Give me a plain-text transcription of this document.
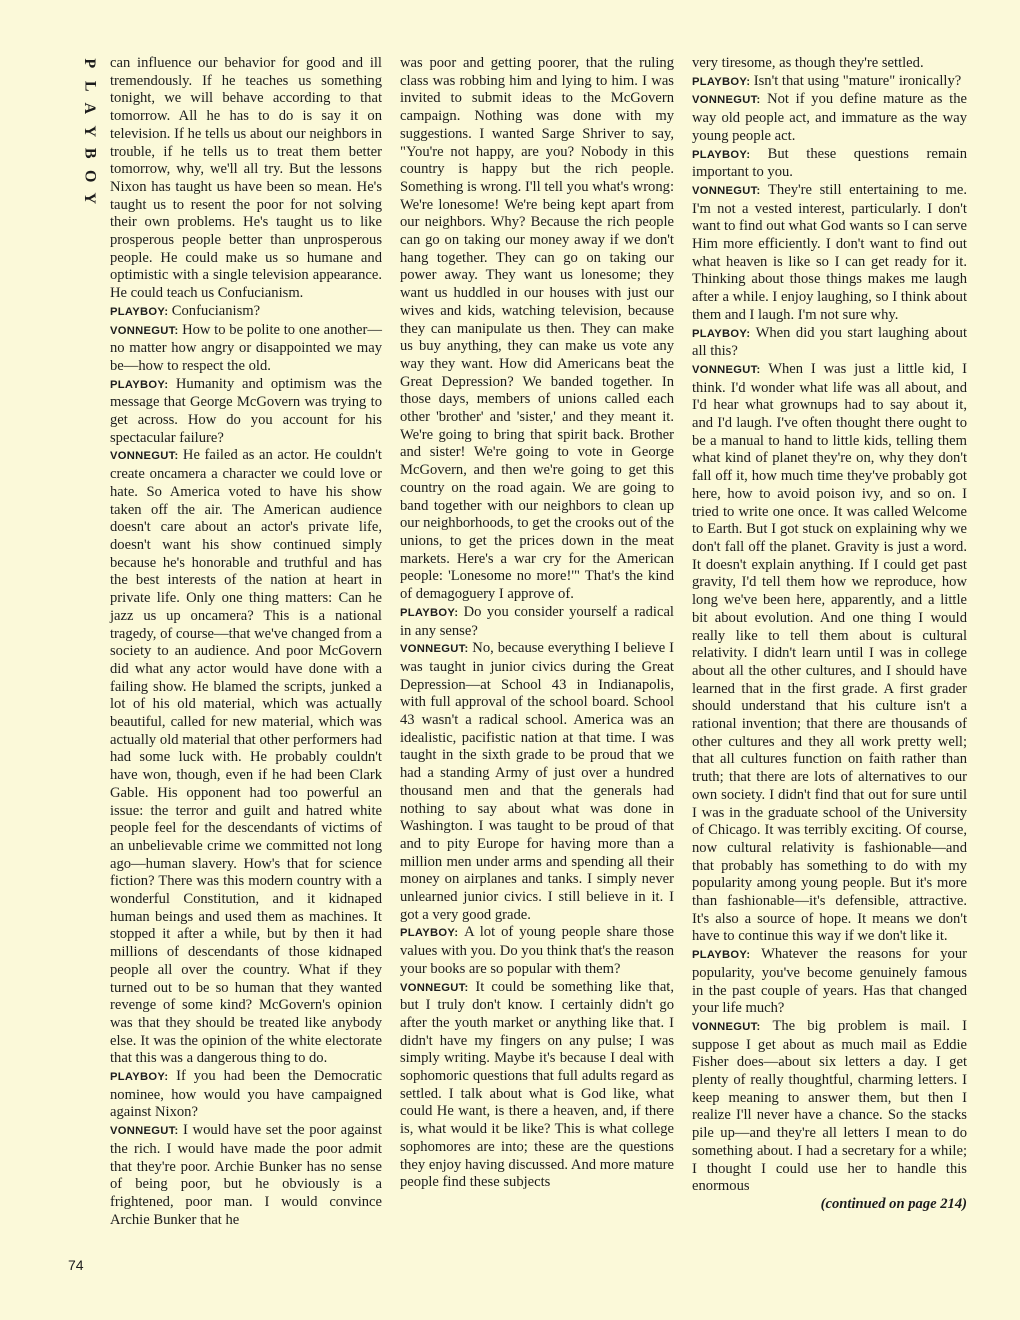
P
L
A
Y
B
O
Y

can influence our behavior for good and ill tremendously. If he teaches us something tonight, we will behave according to that tomorrow. All he has to do is say it on television. If he tells us about our neighbors in trouble, if he tells us to treat them better tomorrow, why, we'll all try. But the lessons Nixon has taught us have been so mean. He's taught us to resent the poor for not solving their own problems. He's taught us to like prosperous people better than unprosperous people. He could make us so humane and optimistic with a single television appearance. He could teach us Confucianism.

PLAYBOY: Confucianism?

VONNEGUT: How to be polite to one another—no matter how angry or disappointed we may be—how to respect the old.

PLAYBOY: Humanity and optimism was the message that George McGovern was trying to get across. How do you account for his spectacular failure?

VONNEGUT: He failed as an actor. He couldn't create oncamera a character we could love or hate. So America voted to have his show taken off the air. The American audience doesn't care about an actor's private life, doesn't want his show continued simply because he's honorable and truthful and has the best interests of the nation at heart in private life. Only one thing matters: Can he jazz us up oncamera? This is a national tragedy, of course—that we've changed from a society to an audience. And poor McGovern did what any actor would have done with a failing show. He blamed the scripts, junked a lot of his old material, which was actually beautiful, called for new material, which was actually old material that other performers had had some luck with. He probably couldn't have won, though, even if he had been Clark Gable. His opponent had too powerful an issue: the terror and guilt and hatred white people feel for the descendants of victims of an unbelievable crime we committed not long ago—human slavery. How's that for science fiction? There was this modern country with a wonderful Constitution, and it kidnaped human beings and used them as machines. It stopped it after a while, but by then it had millions of descendants of those kidnaped people all over the country. What if they turned out to be so human that they wanted revenge of some kind? McGovern's opinion was that they should be treated like anybody else. It was the opinion of the white electorate that this was a dangerous thing to do.

PLAYBOY: If you had been the Democratic nominee, how would you have campaigned against Nixon?

VONNEGUT: I would have set the poor against the rich. I would have made the poor admit that they're poor. Archie Bunker has no sense of being poor, but he obviously is a frightened, poor man. I would convince Archie Bunker that he

was poor and getting poorer, that the ruling class was robbing him and lying to him. I was invited to submit ideas to the McGovern campaign. Nothing was done with my suggestions. I wanted Sarge Shriver to say, "You're not happy, are you? Nobody in this country is happy but the rich people. Something is wrong. I'll tell you what's wrong: We're lonesome! We're being kept apart from our neighbors. Why? Because the rich people can go on taking our money away if we don't hang together. They can go on taking our power away. They want us lonesome; they want us huddled in our houses with just our wives and kids, watching television, because they can manipulate us then. They can make us buy anything, they can make us vote any way they want. How did Americans beat the Great Depression? We banded together. In those days, members of unions called each other 'brother' and 'sister,' and they meant it. We're going to bring that spirit back. Brother and sister! We're going to vote in George McGovern, and then we're going to get this country on the road again. We are going to band together with our neighbors to clean up our neighborhoods, to get the crooks out of the unions, to get the prices down in the meat markets. Here's a war cry for the American people: 'Lonesome no more!'" That's the kind of demagoguery I approve of.

PLAYBOY: Do you consider yourself a radical in any sense?

VONNEGUT: No, because everything I believe I was taught in junior civics during the Great Depression—at School 43 in Indianapolis, with full approval of the school board. School 43 wasn't a radical school. America was an idealistic, pacifistic nation at that time. I was taught in the sixth grade to be proud that we had a standing Army of just over a hundred thousand men and that the generals had nothing to say about what was done in Washington. I was taught to be proud of that and to pity Europe for having more than a million men under arms and spending all their money on airplanes and tanks. I simply never unlearned junior civics. I still believe in it. I got a very good grade.

PLAYBOY: A lot of young people share those values with you. Do you think that's the reason your books are so popular with them?

VONNEGUT: It could be something like that, but I truly don't know. I certainly didn't go after the youth market or anything like that. I didn't have my fingers on any pulse; I was simply writing. Maybe it's because I deal with sophomoric questions that full adults regard as settled. I talk about what is God like, what could He want, is there a heaven, and, if there is, what would it be like? This is what college sophomores are into; these are the questions they enjoy having discussed. And more mature people find these subjects

very tiresome, as though they're settled.

PLAYBOY: Isn't that using "mature" ironically?

VONNEGUT: Not if you define mature as the way old people act, and immature as the way young people act.

PLAYBOY: But these questions remain important to you.

VONNEGUT: They're still entertaining to me. I'm not a vested interest, particularly. I don't want to find out what God wants so I can serve Him more efficiently. I don't want to find out what heaven is like so I can get ready for it. Thinking about those things makes me laugh after a while. I enjoy laughing, so I think about them and I laugh. I'm not sure why.

PLAYBOY: When did you start laughing about all this?

VONNEGUT: When I was just a little kid, I think. I'd wonder what life was all about, and I'd hear what grownups had to say about it, and I'd laugh. I've often thought there ought to be a manual to hand to little kids, telling them what kind of planet they're on, why they don't fall off it, how much time they've probably got here, how to avoid poison ivy, and so on. I tried to write one once. It was called Welcome to Earth. But I got stuck on explaining why we don't fall off the planet. Gravity is just a word. It doesn't explain anything. If I could get past gravity, I'd tell them how we reproduce, how long we've been here, apparently, and a little bit about evolution. And one thing I would really like to tell them about is cultural relativity. I didn't learn until I was in college about all the other cultures, and I should have learned that in the first grade. A first grader should understand that his culture isn't a rational invention; that there are thousands of other cultures and they all work pretty well; that all cultures function on faith rather than truth; that there are lots of alternatives to our own society. I didn't find that out for sure until I was in the graduate school of the University of Chicago. It was terribly exciting. Of course, now cultural relativity is fashionable—and that probably has something to do with my popularity among young people. But it's more than fashionable—it's defensible, attractive. It's also a source of hope. It means we don't have to continue this way if we don't like it.

PLAYBOY: Whatever the reasons for your popularity, you've become genuinely famous in the past couple of years. Has that changed your life much?

VONNEGUT: The big problem is mail. I suppose I get about as much mail as Eddie Fisher does—about six letters a day. I get plenty of really thoughtful, charming letters. I keep meaning to answer them, but then I realize I'll never have a chance. So the stacks pile up—and they're all letters I mean to do something about. I had a secretary for a while; I thought I could use her to handle this enormous

(continued on page 214)

74
